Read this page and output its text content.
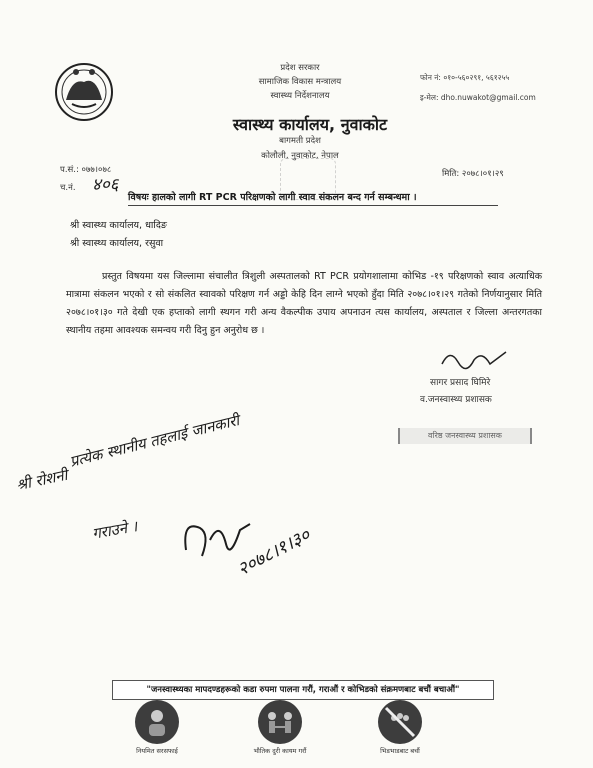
प्रदेश सरकार
सामाजिक विकास मन्त्रालय
स्वास्थ्य निर्देशनालय
स्वास्थ्य कार्यालय, नुवाकोट
बागमती प्रदेश
कोलौली, नुवाकोट, नेपाल
फोन नं: ०१०-५६०२९१, ५६१२५५
इ-मेल: dho.nuwakot@gmail.com
प.सं.: ०७७।०७८
च.नं. ४०६
मिति: २०७८।०१।२९
विषयः हालको लागी RT PCR परिक्षणको लागी स्वाव संकलन बन्द गर्न सम्बन्धमा ।
श्री स्वास्थ्य कार्यालय, धादिङ
श्री स्वास्थ्य कार्यालय, रसुवा
प्रस्तुत विषयमा यस जिल्लामा संचालीत त्रिशुली अस्पतालको RT PCR प्रयोगशालामा कोभिड -१९ परिक्षणको स्वाव अत्याधिक मात्रामा संकलन भएको र सो संकलित स्वावको परिक्षण गर्न अड्डो केहि दिन लाग्ने भएको हुँदा मिति २०७८।०१।२९ गतेको निर्णयानुसार मिति २०७८।०१।३० गते देखी एक हप्ताको लागी स्थगन गरी अन्य वैकल्पीक उपाय अपनाउन त्यस कार्यालय, अस्पताल र जिल्ला अन्तरगतका स्थानीय तहमा आवश्यक समन्वय गरी दिनु हुन अनुरोध छ ।
सागर प्रसाद घिमिरे
व.जनस्वास्थ्य प्रशासक
वरिष्ठ जनस्वास्थ्य प्रशासक
श्री रोशनी
प्रत्येक स्थानीय तहलाई जानकारी
गराउने ।	२०७८।१।३०
"जनस्वास्थ्यका मापदण्डहरूको कडा रुपमा पालना गरौं, गराऔं र कोभिडको संक्रमणबाट बचौं बचाऔं"
नियमित सरसफाई	भौतिक दुरी कायम गरौं	भिडभाडबाट बचौं
